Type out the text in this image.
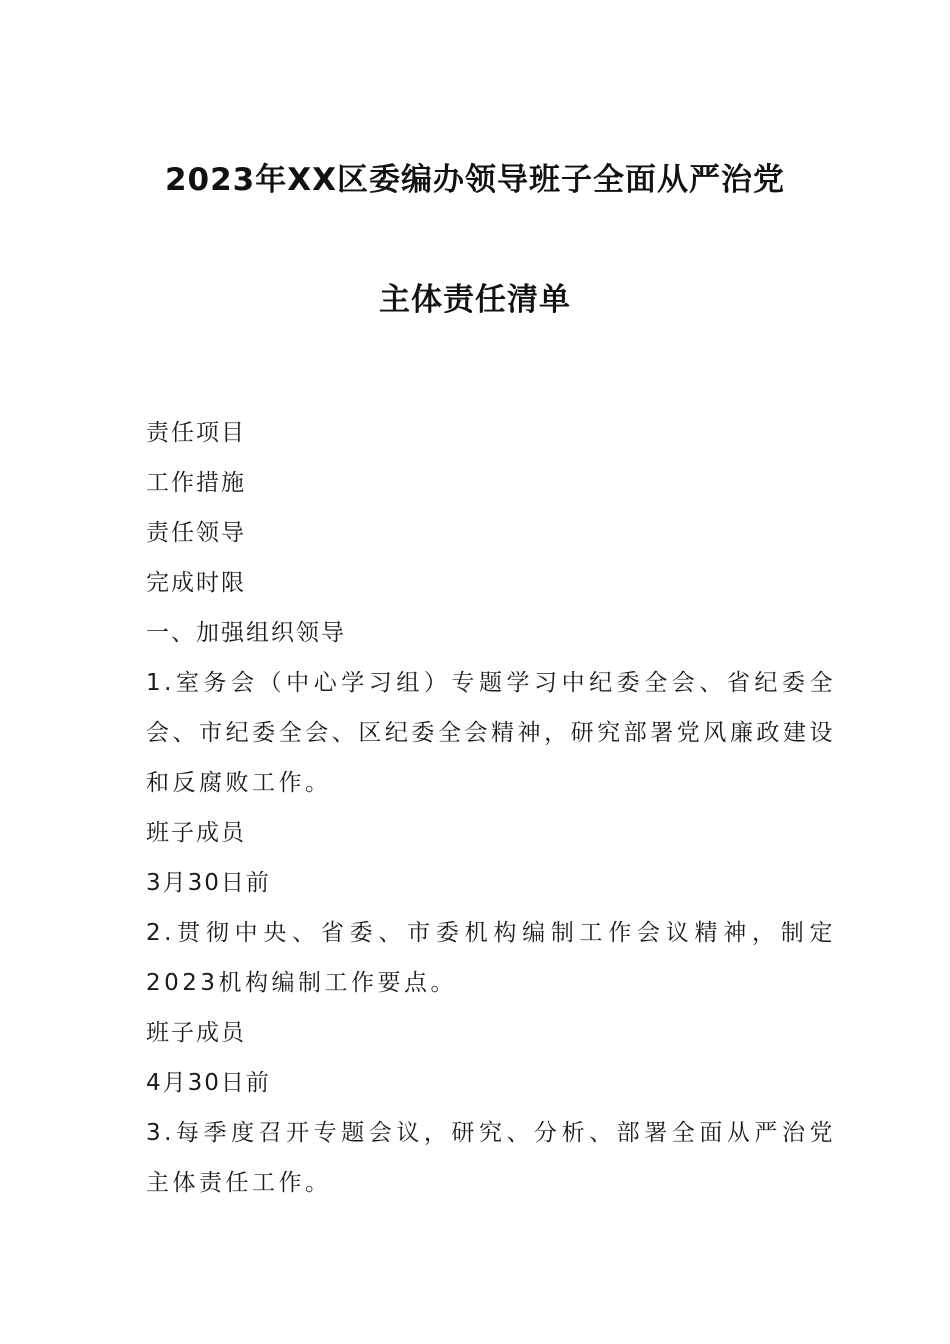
2023年XX区委编办领导班子全面从严治党
主体责任清单
责任项目
工作措施
责任领导
完成时限
一、加强组织领导
1.室务会（中心学习组）专题学习中纪委全会、省纪委全会、市纪委全会、区纪委全会精神，研究部署党风廉政建设和反腐败工作。
班子成员
3月30日前
2.贯彻中央、省委、市委机构编制工作会议精神，制定2023机构编制工作要点。
班子成员
4月30日前
3.每季度召开专题会议，研究、分析、部署全面从严治党主体责任工作。
